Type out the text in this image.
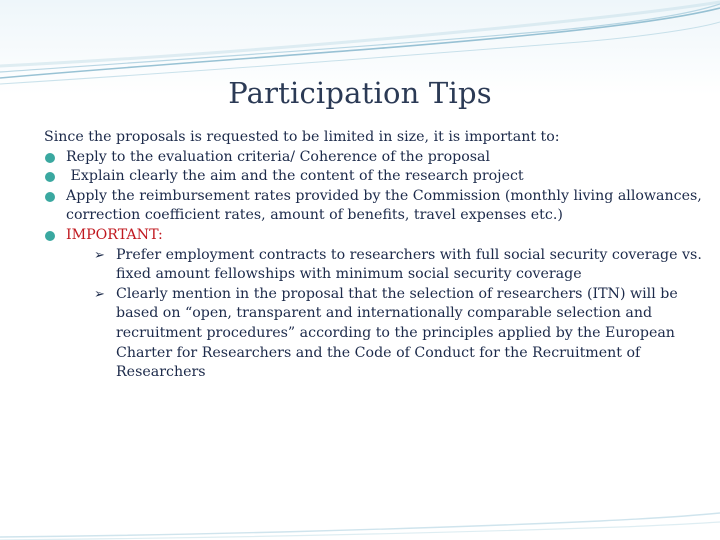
Participation Tips

Since the proposals is requested to be limited in size, it is important to:

Reply to the evaluation criteria/ Coherence of the proposal
Explain clearly the aim and the content of the research project
Apply the reimbursement rates provided by the Commission (monthly living allowances, correction coefficient rates, amount of benefits, travel expenses etc.)
IMPORTANT:
➢ Prefer employment contracts to researchers with full social security coverage vs. fixed amount fellowships with minimum social security coverage
➢ Clearly mention in the proposal that the selection of researchers (ITN) will be based on “open, transparent and internationally comparable selection and recruitment procedures” according to the principles applied by the European Charter for Researchers and the Code of Conduct for the Recruitment of Researchers
